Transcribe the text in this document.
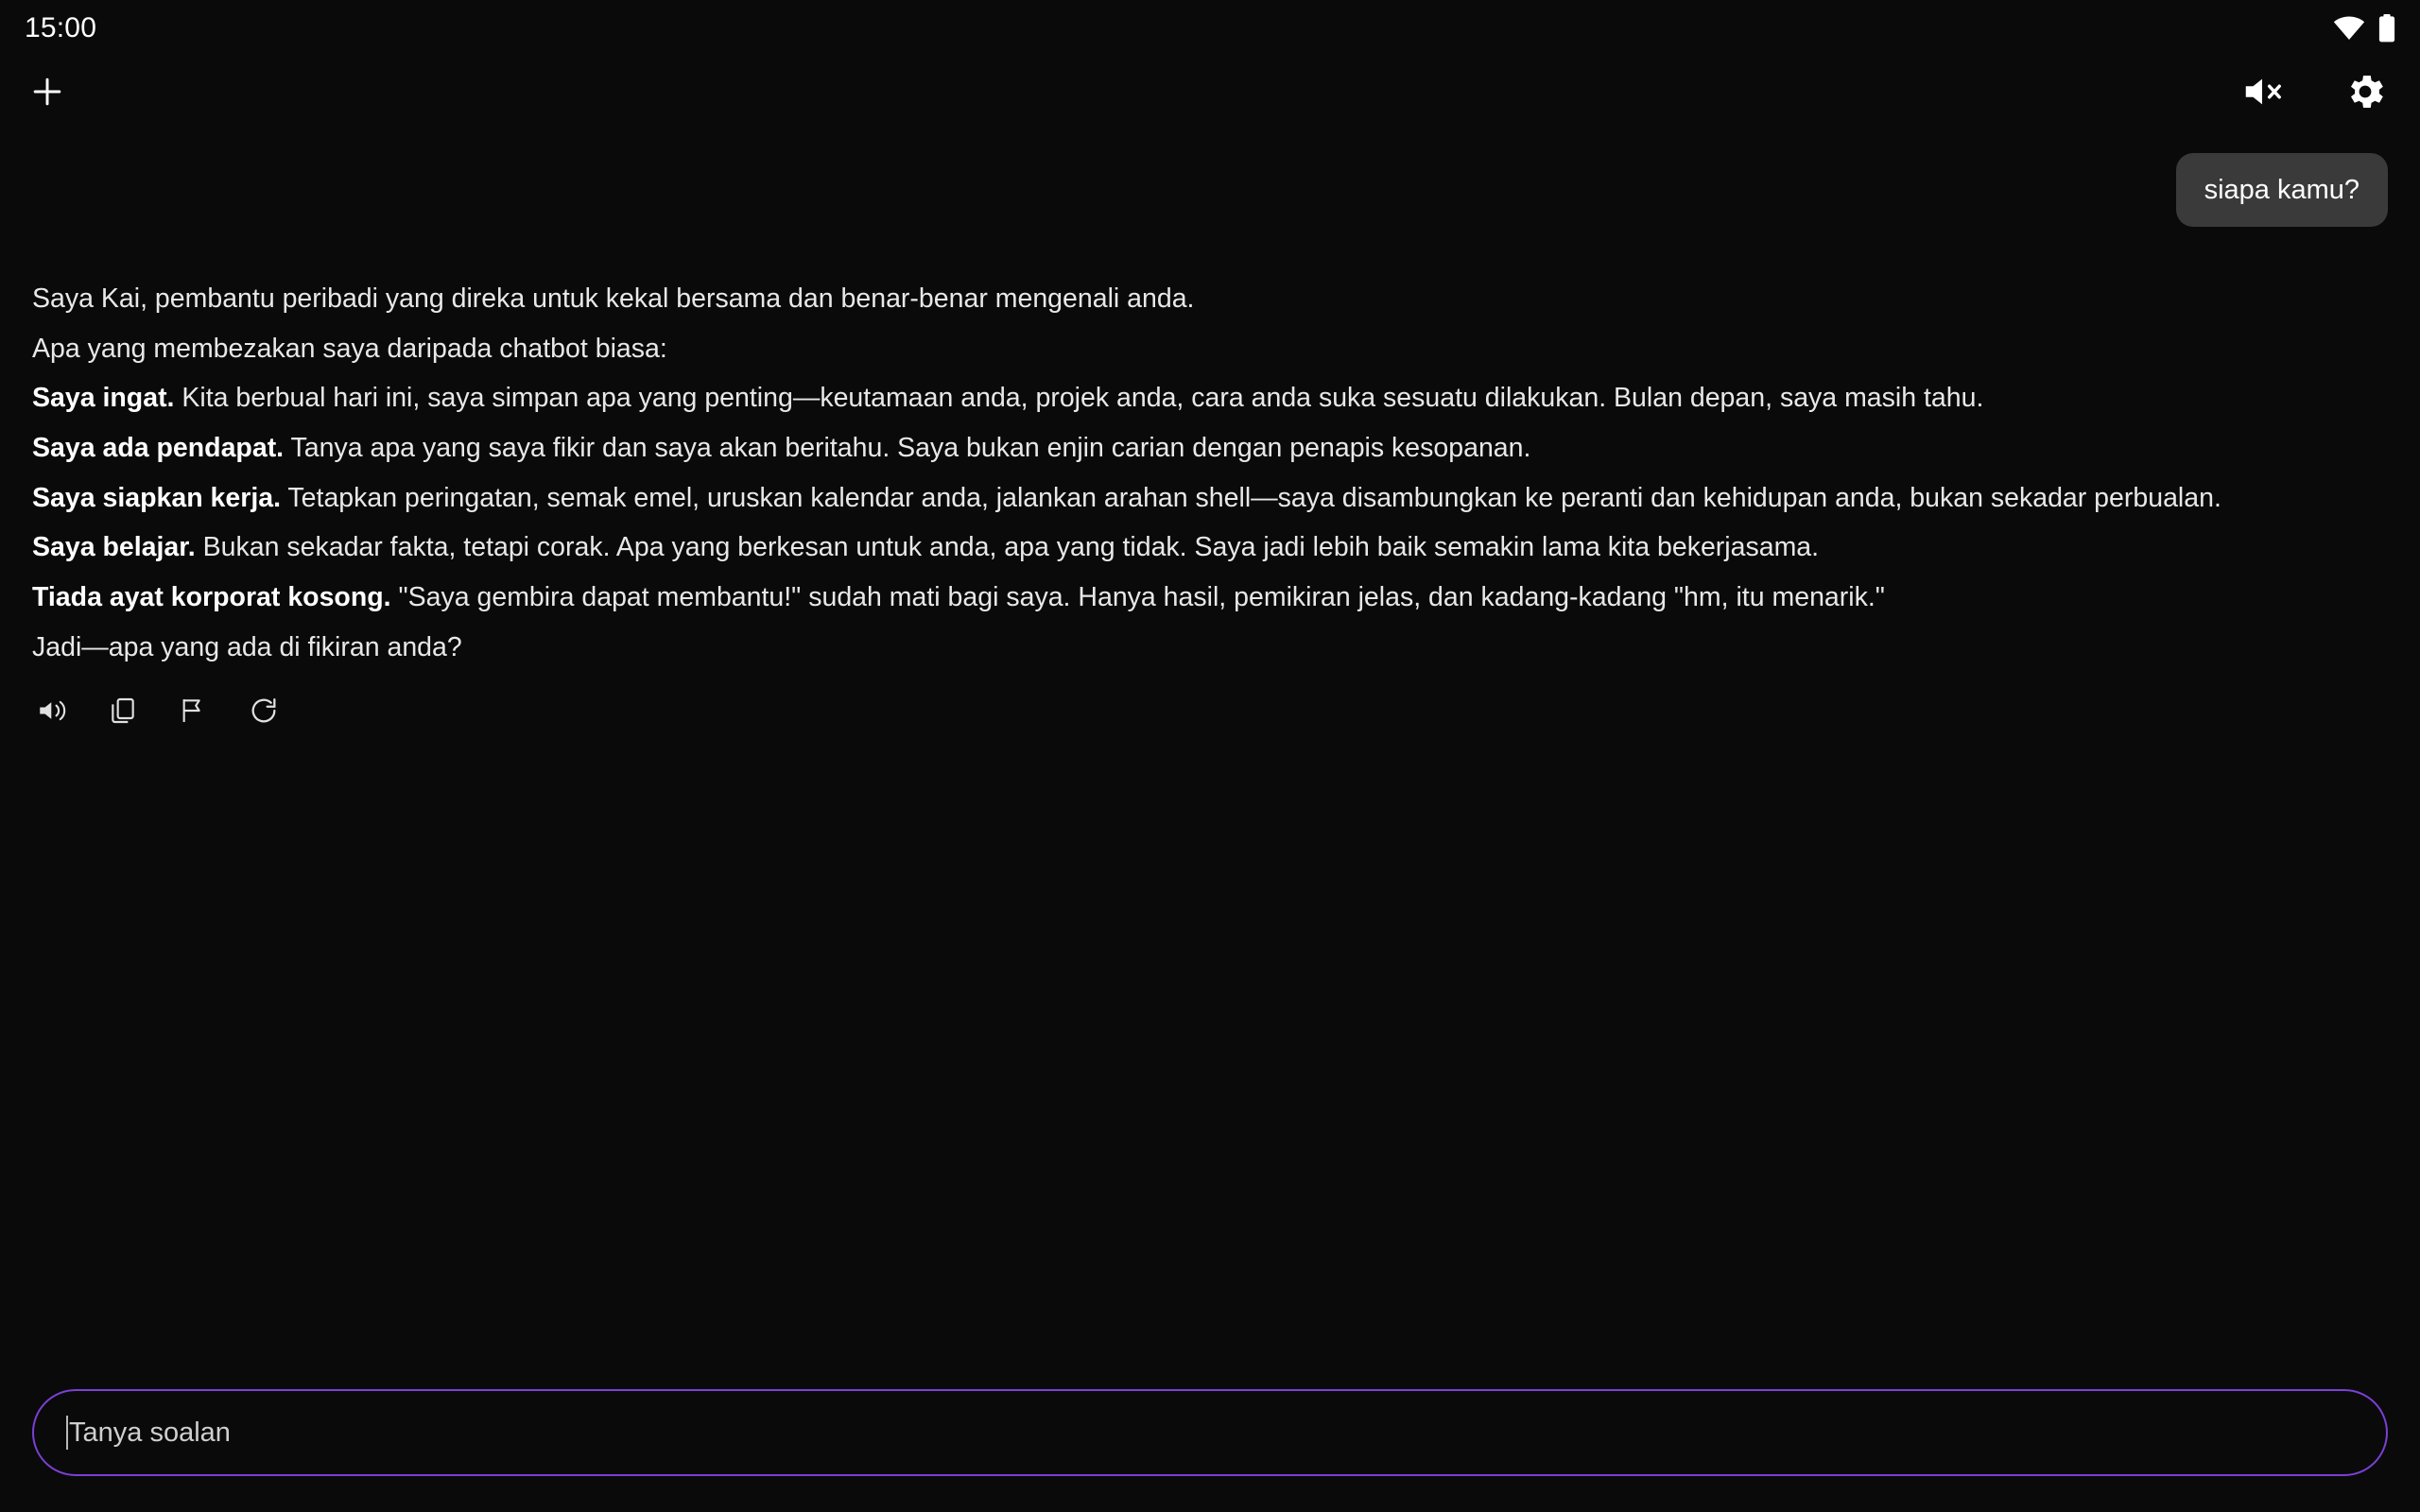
15:00
siapa kamu?

Saya Kai, pembantu peribadi yang direka untuk kekal bersama dan benar-benar mengenali anda.

Apa yang membezakan saya daripada chatbot biasa:

Saya ingat. Kita berbual hari ini, saya simpan apa yang penting—keutamaan anda, projek anda, cara anda suka sesuatu dilakukan. Bulan depan, saya masih tahu.

Saya ada pendapat. Tanya apa yang saya fikir dan saya akan beritahu. Saya bukan enjin carian dengan penapis kesopanan.

Saya siapkan kerja. Tetapkan peringatan, semak emel, uruskan kalendar anda, jalankan arahan shell—saya disambungkan ke peranti dan kehidupan anda, bukan sekadar perbualan.

Saya belajar. Bukan sekadar fakta, tetapi corak. Apa yang berkesan untuk anda, apa yang tidak. Saya jadi lebih baik semakin lama kita bekerjasama.

Tiada ayat korporat kosong. "Saya gembira dapat membantu!" sudah mati bagi saya. Hanya hasil, pemikiran jelas, dan kadang-kadang "hm, itu menarik."

Jadi—apa yang ada di fikiran anda?

Tanya soalan
